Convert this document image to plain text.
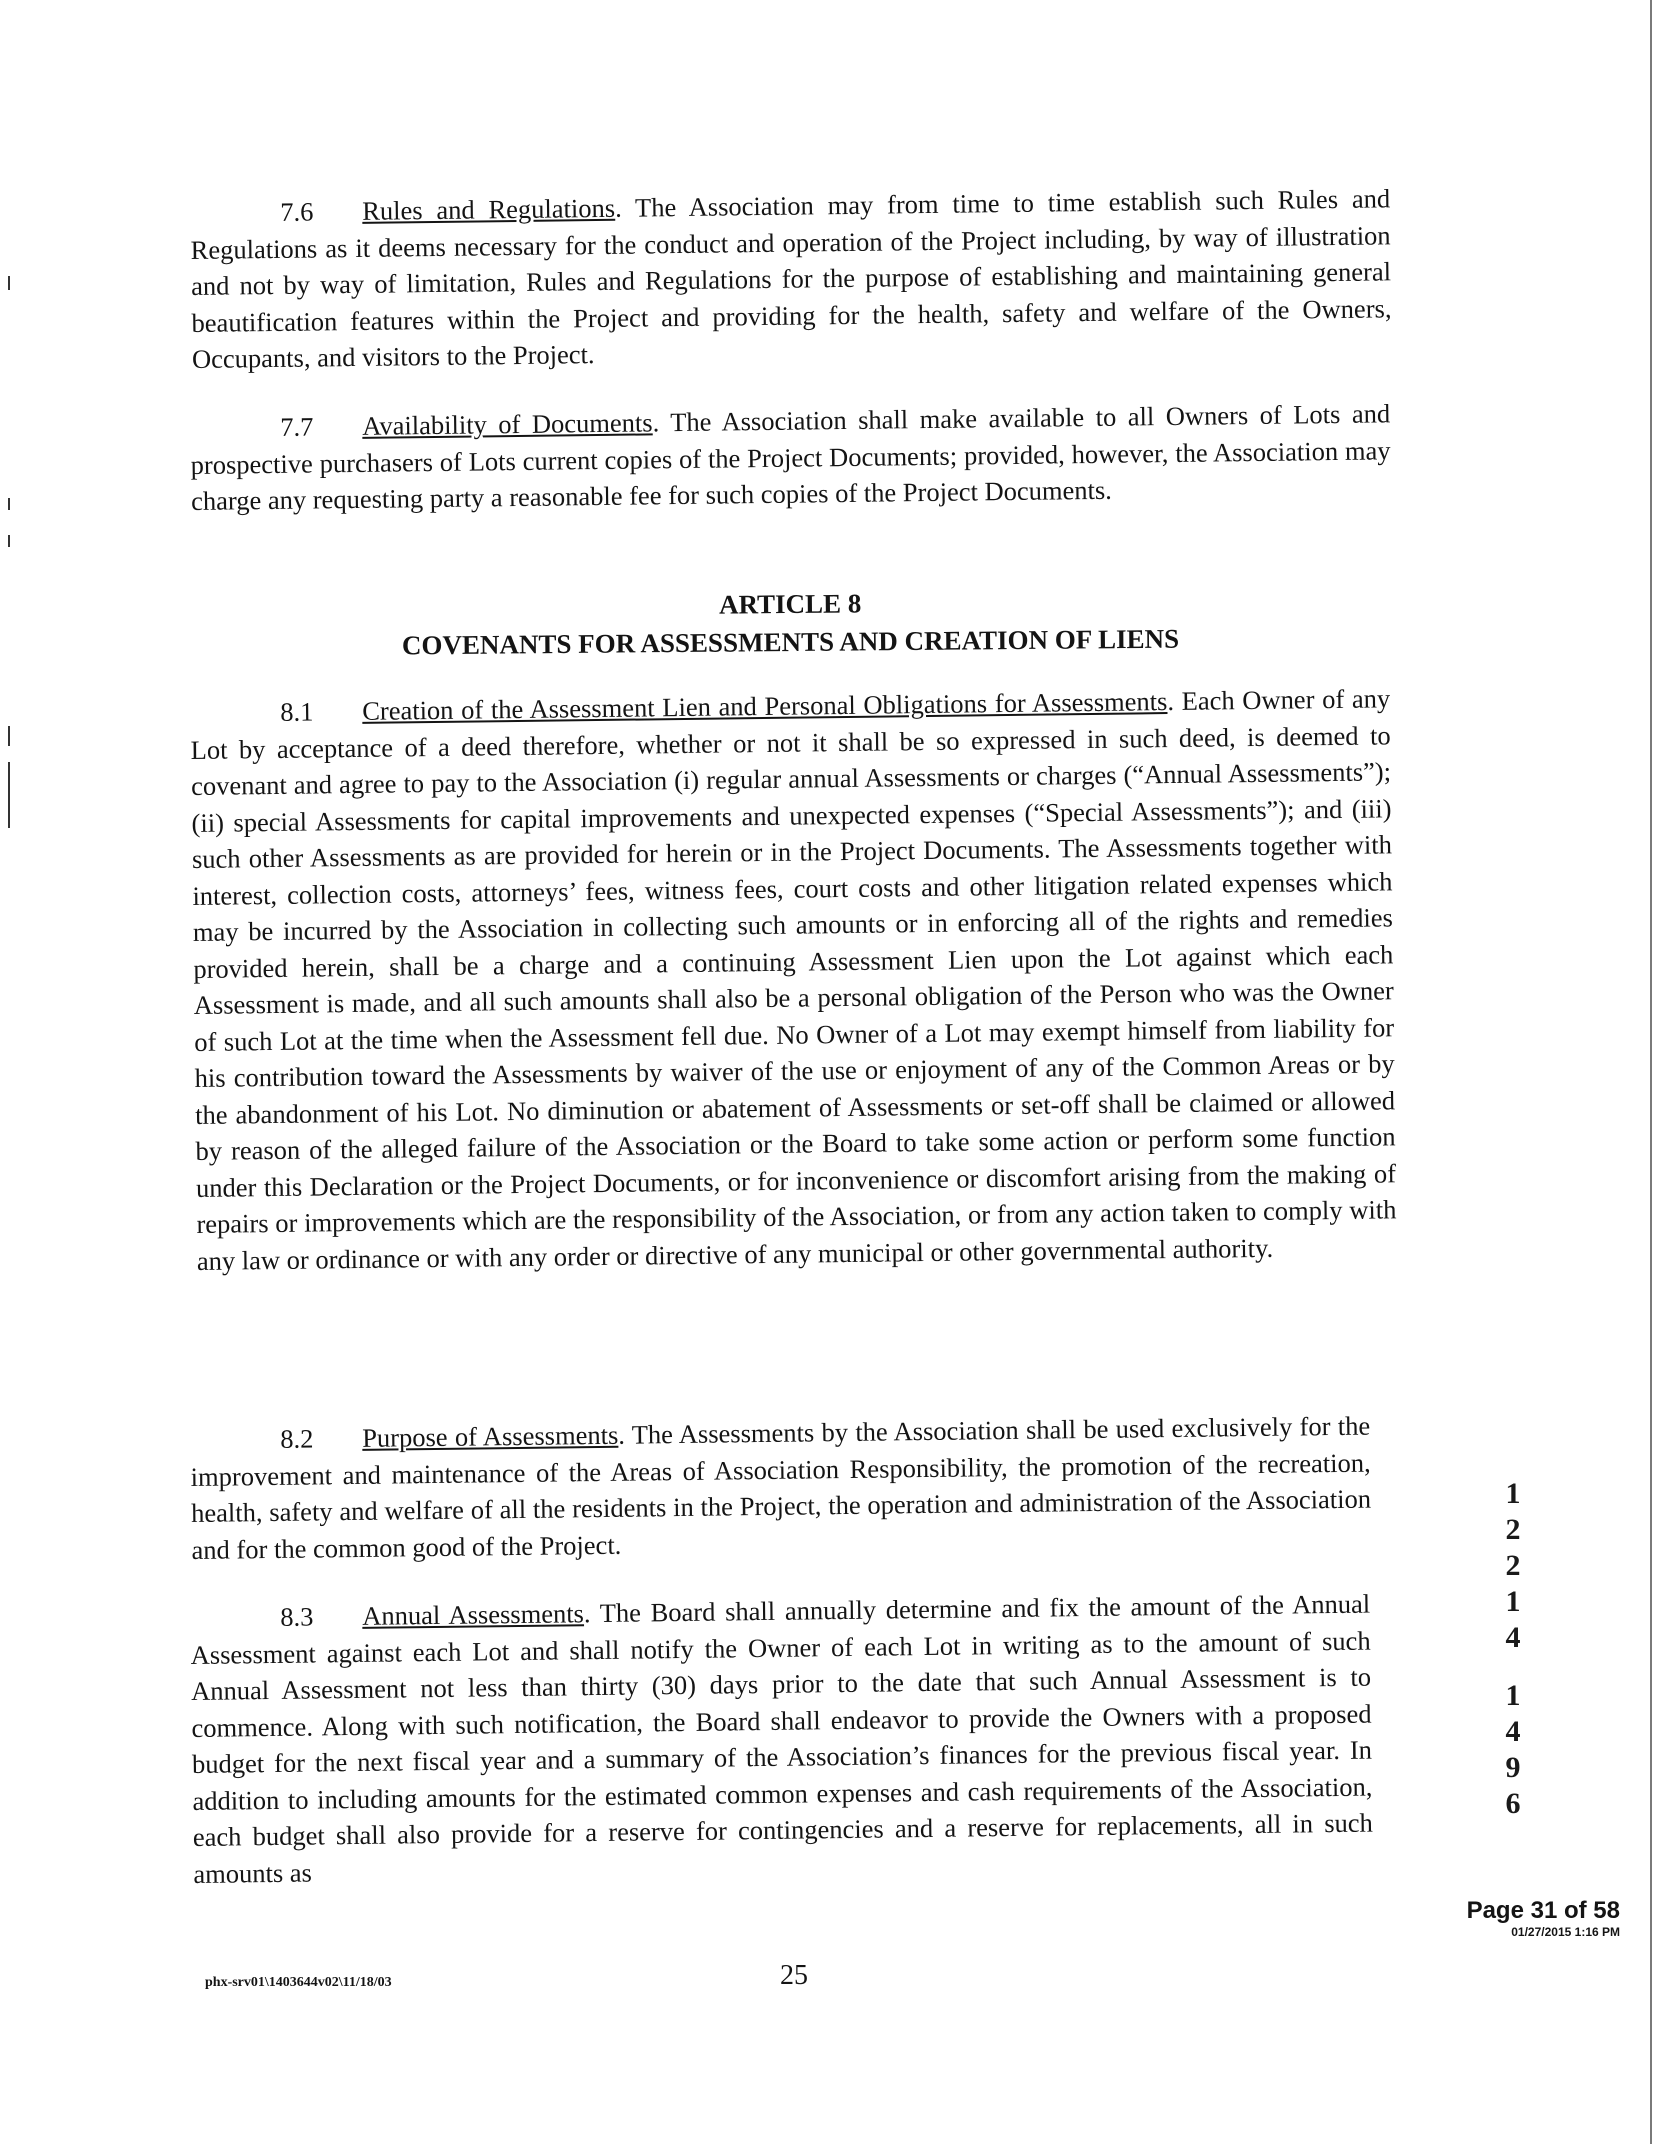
7.6 Rules and Regulations. The Association may from time to time establish such Rules and Regulations as it deems necessary for the conduct and operation of the Project including, by way of illustration and not by way of limitation, Rules and Regulations for the purpose of establishing and maintaining general beautification features within the Project and providing for the health, safety and welfare of the Owners, Occupants, and visitors to the Project.

7.7 Availability of Documents. The Association shall make available to all Owners of Lots and prospective purchasers of Lots current copies of the Project Documents; provided, however, the Association may charge any requesting party a reasonable fee for such copies of the Project Documents.

ARTICLE 8
COVENANTS FOR ASSESSMENTS AND CREATION OF LIENS

8.1 Creation of the Assessment Lien and Personal Obligations for Assessments. Each Owner of any Lot by acceptance of a deed therefore, whether or not it shall be so expressed in such deed, is deemed to covenant and agree to pay to the Association (i) regular annual Assessments or charges (“Annual Assessments”); (ii) special Assessments for capital improvements and unexpected expenses (“Special Assessments”); and (iii) such other Assessments as are provided for herein or in the Project Documents. The Assessments together with interest, collection costs, attorneys’ fees, witness fees, court costs and other litigation related expenses which may be incurred by the Association in collecting such amounts or in enforcing all of the rights and remedies provided herein, shall be a charge and a continuing Assessment Lien upon the Lot against which each Assessment is made, and all such amounts shall also be a personal obligation of the Person who was the Owner of such Lot at the time when the Assessment fell due. No Owner of a Lot may exempt himself from liability for his contribution toward the Assessments by waiver of the use or enjoyment of any of the Common Areas or by the abandonment of his Lot. No diminution or abatement of Assessments or set-off shall be claimed or allowed by reason of the alleged failure of the Association or the Board to take some action or perform some function under this Declaration or the Project Documents, or for inconvenience or discomfort arising from the making of repairs or improvements which are the responsibility of the Association, or from any action taken to comply with any law or ordinance or with any order or directive of any municipal or other governmental authority.

8.2 Purpose of Assessments. The Assessments by the Association shall be used exclusively for the improvement and maintenance of the Areas of Association Responsibility, the promotion of the recreation, health, safety and welfare of all the residents in the Project, the operation and administration of the Association and for the common good of the Project.

8.3 Annual Assessments. The Board shall annually determine and fix the amount of the Annual Assessment against each Lot and shall notify the Owner of each Lot in writing as to the amount of such Annual Assessment not less than thirty (30) days prior to the date that such Annual Assessment is to commence. Along with such notification, the Board shall endeavor to provide the Owners with a proposed budget for the next fiscal year and a summary of the Association’s finances for the previous fiscal year. In addition to including amounts for the estimated common expenses and cash requirements of the Association, each budget shall also provide for a reserve for contingencies and a reserve for replacements, all in such amounts as

1
2
2
1
4
1
4
9
6
Page 31 of 58
01/27/2015 1:16 PM
phx-srv01\1403644v02\11/18/03	25
